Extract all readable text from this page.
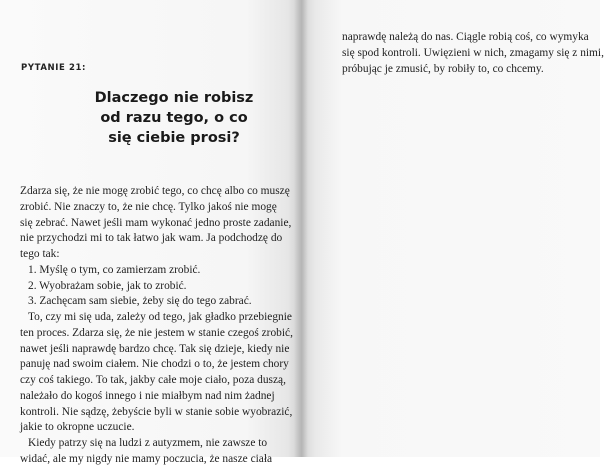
PYTANIE 21:
Dlaczego nie robisz
od razu tego, o co
się ciebie prosi?
Zdarza się, że nie mogę zrobić tego, co chcę albo co muszę
zrobić. Nie znaczy to, że nie chcę. Tylko jakoś nie mogę
się zebrać. Nawet jeśli mam wykonać jedno proste zadanie,
nie przychodzi mi to tak łatwo jak wam. Ja podchodzę do
tego tak:
1. Myślę o tym, co zamierzam zrobić.
2. Wyobrażam sobie, jak to zrobić.
3. Zachęcam sam siebie, żeby się do tego zabrać.
To, czy mi się uda, zależy od tego, jak gładko przebiegnie
ten proces. Zdarza się, że nie jestem w stanie czegoś zrobić,
nawet jeśli naprawdę bardzo chcę. Tak się dzieje, kiedy nie
panuję nad swoim ciałem. Nie chodzi o to, że jestem chory
czy coś takiego. To tak, jakby całe moje ciało, poza duszą,
należało do kogoś innego i nie miałbym nad nim żadnej
kontroli. Nie sądzę, żebyście byli w stanie sobie wyobrazić,
jakie to okropne uczucie.
Kiedy patrzy się na ludzi z autyzmem, nie zawsze to
widać, ale my nigdy nie mamy poczucia, że nasze ciała
naprawdę należą do nas. Ciągle robią coś, co wymyka
się spod kontroli. Uwięzieni w nich, zmagamy się z nimi,
próbując je zmusić, by robiły to, co chcemy.
